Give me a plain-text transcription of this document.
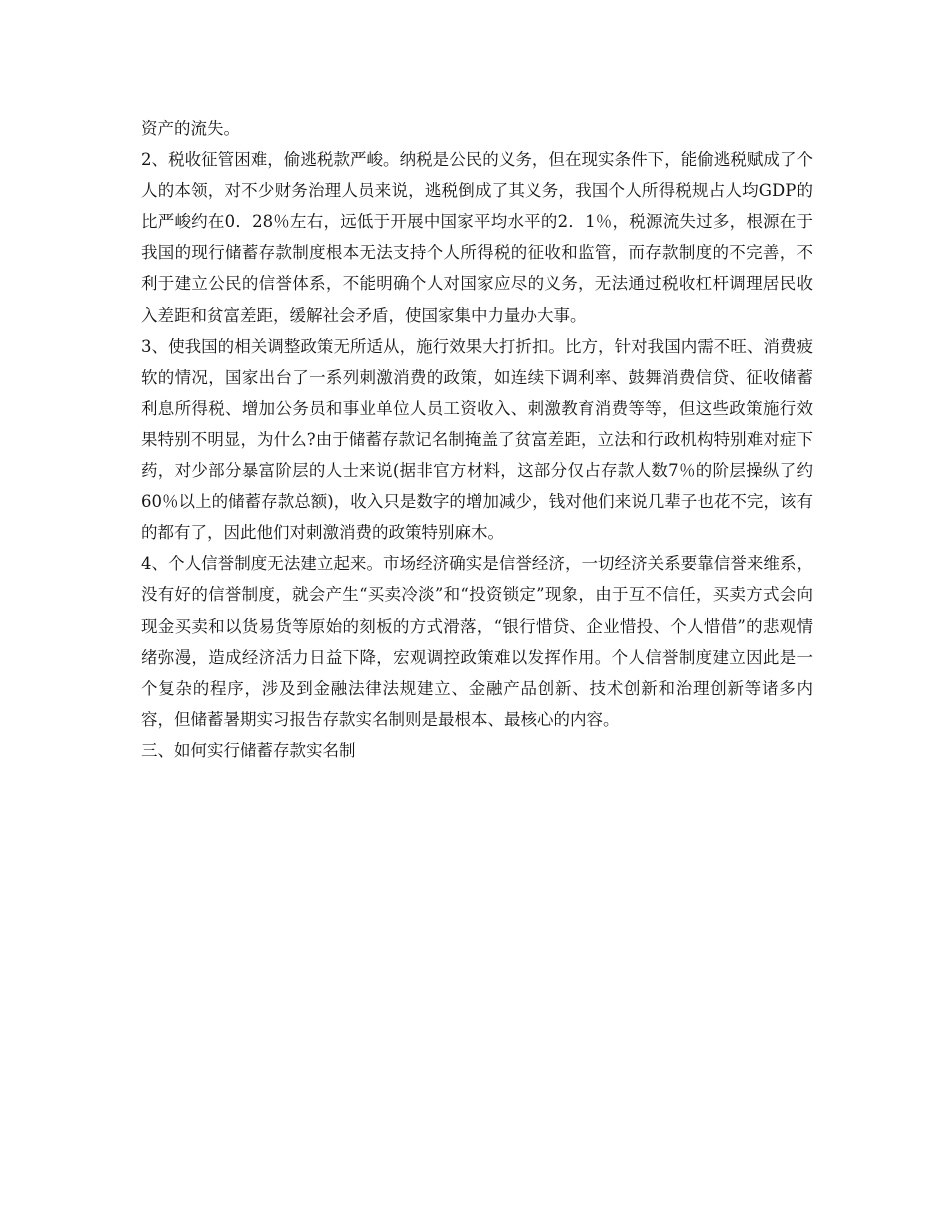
资产的流失。

2、税收征管困难，偷逃税款严峻。纳税是公民的义务，但在现实条件下，能偷逃税赋成了个人的本领，对不少财务治理人员来说，逃税倒成了其义务，我国个人所得税规占人均GDP的比严峻约在0．28％左右，远低于开展中国家平均水平的2．1％，税源流失过多，根源在于我国的现行储蓄存款制度根本无法支持个人所得税的征收和监管，而存款制度的不完善，不利于建立公民的信誉体系，不能明确个人对国家应尽的义务，无法通过税收杠杆调理居民收入差距和贫富差距，缓解社会矛盾，使国家集中力量办大事。

3、使我国的相关调整政策无所适从，施行效果大打折扣。比方，针对我国内需不旺、消费疲软的情况，国家出台了一系列刺激消费的政策，如连续下调利率、鼓舞消费信贷、征收储蓄利息所得税、增加公务员和事业单位人员工资收入、刺激教育消费等等，但这些政策施行效果特别不明显，为什么?由于储蓄存款记名制掩盖了贫富差距，立法和行政机构特别难对症下药，对少部分暴富阶层的人士来说(据非官方材料，这部分仅占存款人数7％的阶层操纵了约60％以上的储蓄存款总额)，收入只是数字的增加减少，钱对他们来说几辈子也花不完，该有的都有了，因此他们对刺激消费的政策特别麻木。

4、个人信誉制度无法建立起来。市场经济确实是信誉经济，一切经济关系要靠信誉来维系，没有好的信誉制度，就会产生“买卖冷淡”和“投资锁定”现象，由于互不信任，买卖方式会向现金买卖和以货易货等原始的刻板的方式滑落，“银行惜贷、企业惜投、个人惜借”的悲观情绪弥漫，造成经济活力日益下降，宏观调控政策难以发挥作用。个人信誉制度建立因此是一个复杂的程序，涉及到金融法律法规建立、金融产品创新、技术创新和治理创新等诸多内容，但储蓄暑期实习报告存款实名制则是最根本、最核心的内容。

三、如何实行储蓄存款实名制
